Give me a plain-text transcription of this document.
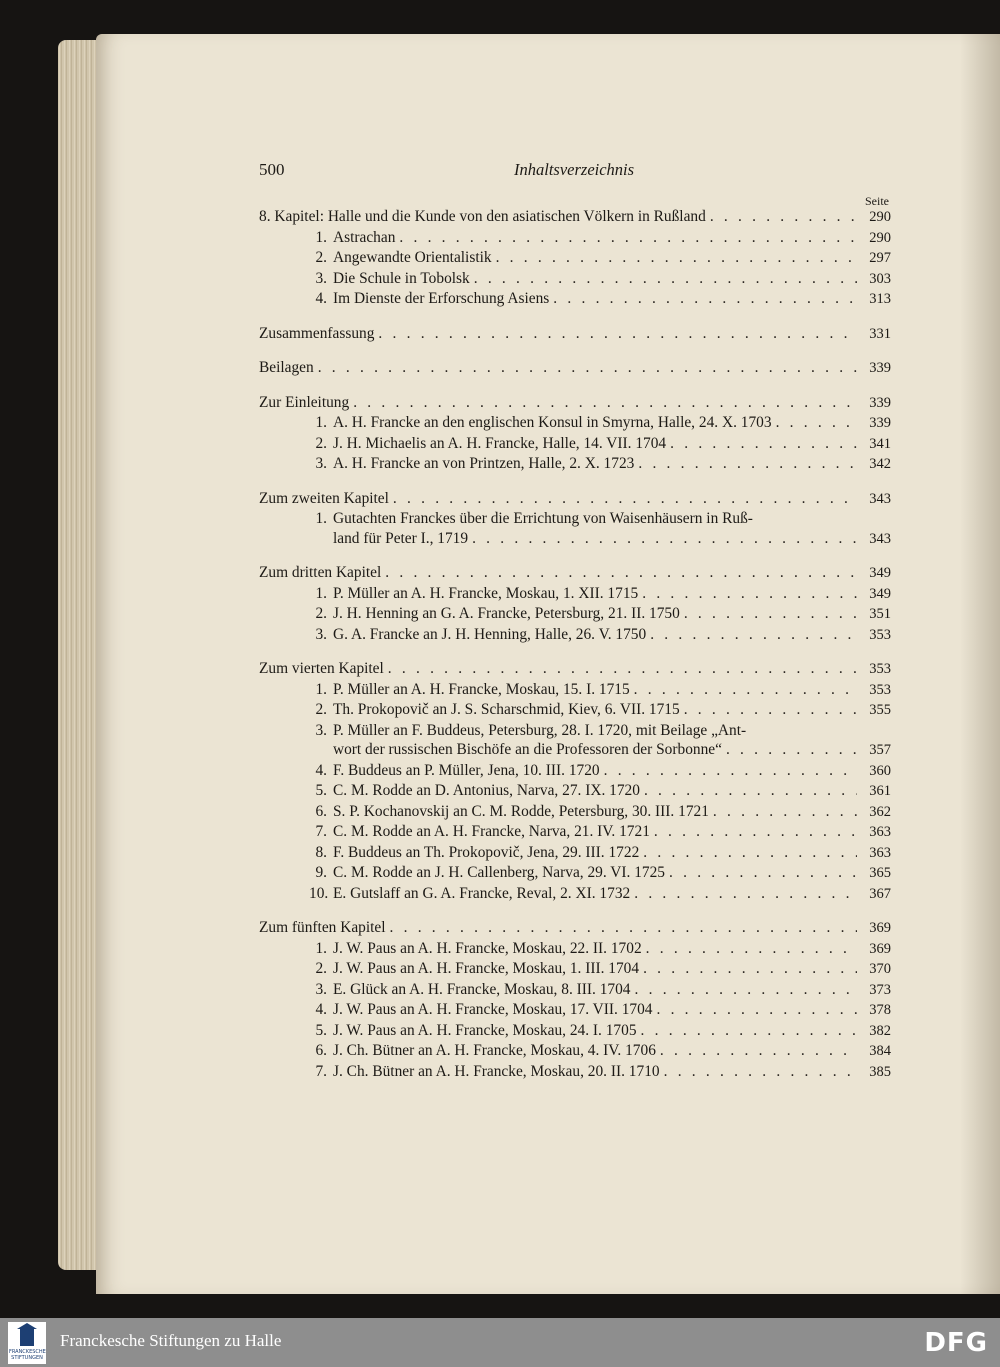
500	Inhaltsverzeichnis
Seite
8. Kapitel: Halle und die Kunde von den asiatischen Völkern in Rußland . . .	290
1. Astrachan . . .	290
2. Angewandte Orientalistik . . .	297
3. Die Schule in Tobolsk . . .	303
4. Im Dienste der Erforschung Asiens . . .	313
Zusammenfassung . . .	331
Beilagen . . .	339
Zur Einleitung . . .	339
1. A. H. Francke an den englischen Konsul in Smyrna, Halle, 24. X. 1703 . . .	339
2. J. H. Michaelis an A. H. Francke, Halle, 14. VII. 1704 . . .	341
3. A. H. Francke an von Printzen, Halle, 2. X. 1723 . . .	342
Zum zweiten Kapitel . . .	343
1. Gutachten Franckes über die Errichtung von Waisenhäusern in Ruß-
land für Peter I., 1719 . . .	343
Zum dritten Kapitel . . .	349
1. P. Müller an A. H. Francke, Moskau, 1. XII. 1715 . . .	349
2. J. H. Henning an G. A. Francke, Petersburg, 21. II. 1750 . . .	351
3. G. A. Francke an J. H. Henning, Halle, 26. V. 1750 . . .	353
Zum vierten Kapitel . . .	353
1. P. Müller an A. H. Francke, Moskau, 15. I. 1715 . . .	353
2. Th. Prokopovič an J. S. Scharschmid, Kiev, 6. VII. 1715 . . .	355
3. P. Müller an F. Buddeus, Petersburg, 28. I. 1720, mit Beilage „Ant-
wort der russischen Bischöfe an die Professoren der Sorbonne“ . . .	357
4. F. Buddeus an P. Müller, Jena, 10. III. 1720 . . .	360
5. C. M. Rodde an D. Antonius, Narva, 27. IX. 1720 . . .	361
6. S. P. Kochanovskij an C. M. Rodde, Petersburg, 30. III. 1721 . . .	362
7. C. M. Rodde an A. H. Francke, Narva, 21. IV. 1721 . . .	363
8. F. Buddeus an Th. Prokopovič, Jena, 29. III. 1722 . . .	363
9. C. M. Rodde an J. H. Callenberg, Narva, 29. VI. 1725 . . .	365
10. E. Gutslaff an G. A. Francke, Reval, 2. XI. 1732 . . .	367
Zum fünften Kapitel . . .	369
1. J. W. Paus an A. H. Francke, Moskau, 22. II. 1702 . . .	369
2. J. W. Paus an A. H. Francke, Moskau, 1. III. 1704 . . .	370
3. E. Glück an A. H. Francke, Moskau, 8. III. 1704 . . .	373
4. J. W. Paus an A. H. Francke, Moskau, 17. VII. 1704 . . .	378
5. J. W. Paus an A. H. Francke, Moskau, 24. I. 1705 . . .	382
6. J. Ch. Bütner an A. H. Francke, Moskau, 4. IV. 1706 . . .	384
7. J. Ch. Bütner an A. H. Francke, Moskau, 20. II. 1710 . . .	385
FRANCKESCHE STIFTUNGEN
Franckesche Stiftungen zu Halle	DFG
